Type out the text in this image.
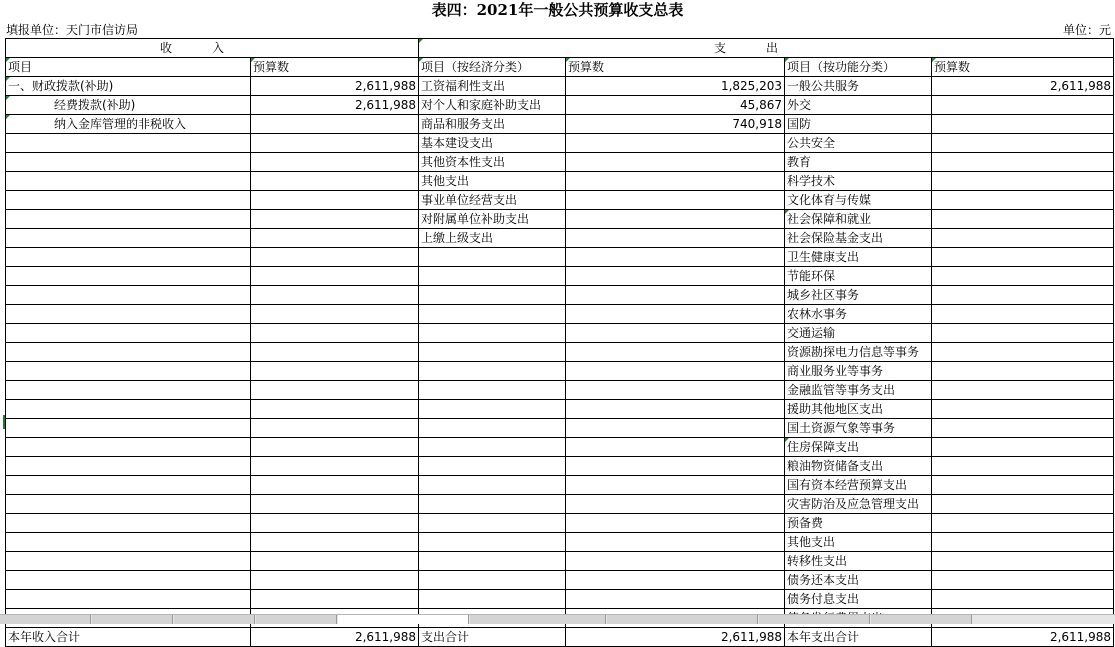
表四：2021年一般公共预算收支总表
填报单位：天门市信访局	单位：元
收入		支出			
项目	预算数	项目（按经济分类）	预算数	项目（按功能分类）	预算数
一、财政拨款(补助)	2,611,988	工资福利性支出	1,825,203	一般公共服务	2,611,988
经费拨款(补助)	2,611,988	对个人和家庭补助支出	45,867	外交	
纳入金库管理的非税收入		商品和服务支出	740,918	国防	
		基本建设支出		公共安全	
		其他资本性支出		教育	
		其他支出		科学技术	
		事业单位经营支出		文化体育与传媒	
		对附属单位补助支出		社会保障和就业	
		上缴上级支出		社会保险基金支出	
				卫生健康支出	
				节能环保	
				城乡社区事务	
				农林水事务	
				交通运输	
				资源勘探电力信息等事务	
				商业服务业等事务	
				金融监管等事务支出	
				援助其他地区支出	
				国土资源气象等事务	
				住房保障支出	
				粮油物资储备支出	
				国有资本经营预算支出	
				灾害防治及应急管理支出	
				预备费	
				其他支出	
				转移性支出	
				债务还本支出	
				债务付息支出	

本年收入合计	2,611,988	支出合计	2,611,988	本年支出合计	2,611,988
